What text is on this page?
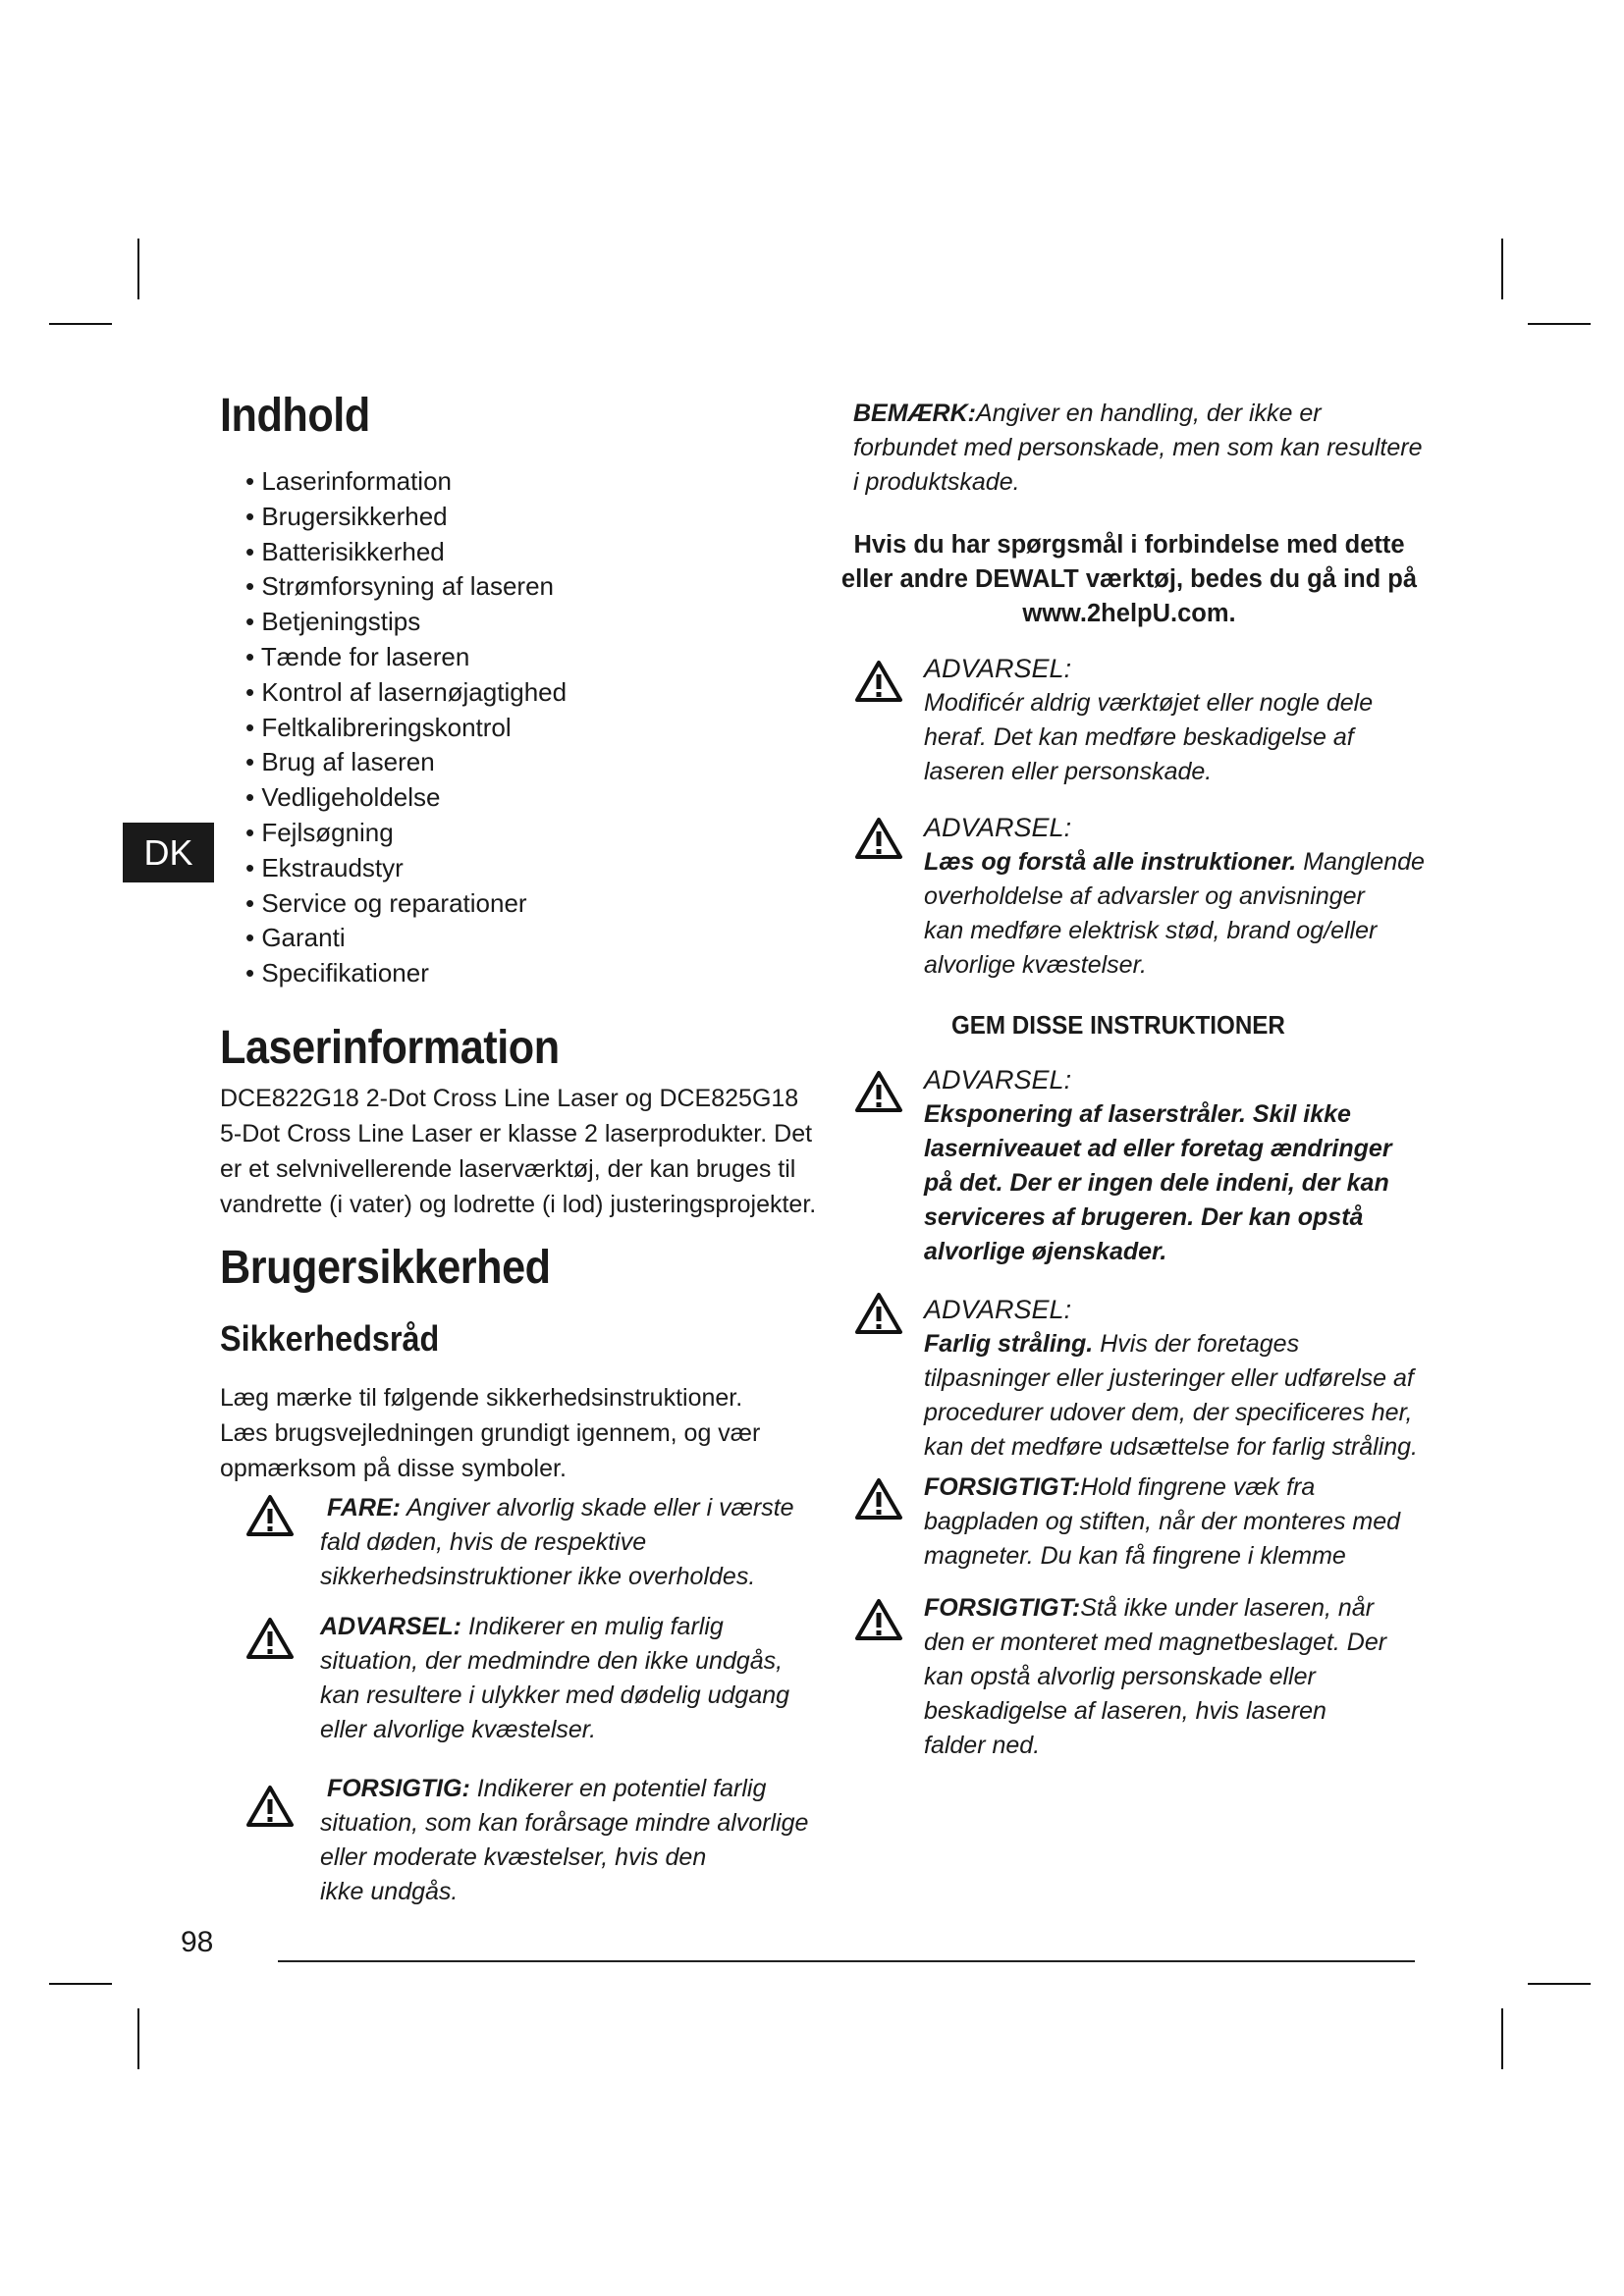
DK
Indhold
• Laserinformation
• Brugersikkerhed
• Batterisikkerhed
• Strømforsyning af laseren
• Betjeningstips
• Tænde for laseren
• Kontrol af lasernøjagtighed
• Feltkalibreringskontrol
• Brug af laseren
• Vedligeholdelse
• Fejlsøgning
• Ekstraudstyr
• Service og reparationer
• Garanti
• Specifikationer
Laserinformation
DCE822G18 2-Dot Cross Line Laser og DCE825G18
5-Dot Cross Line Laser er klasse 2 laserprodukter. Det
er et selvnivellerende laserværktøj, der kan bruges til
vandrette (i vater) og lodrette (i lod) justeringsprojekter.
Brugersikkerhed
Sikkerhedsråd
Læg mærke til følgende sikkerhedsinstruktioner.
Læs brugsvejledningen grundigt igennem, og vær
opmærksom på disse symboler.
FARE: Angiver alvorlig skade eller i værste
fald døden, hvis de respektive
sikkerhedsinstruktioner ikke overholdes.
ADVARSEL: Indikerer en mulig farlig
situation, der medmindre den ikke undgås,
kan resultere i ulykker med dødelig udgang
eller alvorlige kvæstelser.
FORSIGTIG: Indikerer en potentiel farlig
situation, som kan forårsage mindre alvorlige
eller moderate kvæstelser, hvis den
ikke undgås.
BEMÆRK:Angiver en handling, der ikke er
forbundet med personskade, men som kan resultere
i produktskade.
Hvis du har spørgsmål i forbindelse med dette
eller andre DEWALT værktøj, bedes du gå ind på
www.2helpU.com.
ADVARSEL:
Modificér aldrig værktøjet eller nogle dele
heraf. Det kan medføre beskadigelse af
laseren eller personskade.
ADVARSEL:
Læs og forstå alle instruktioner. Manglende
overholdelse af advarsler og anvisninger
kan medføre elektrisk stød, brand og/eller
alvorlige kvæstelser.
GEM DISSE INSTRUKTIONER
ADVARSEL:
Eksponering af laserstråler. Skil ikke
laserniveauet ad eller foretag ændringer
på det. Der er ingen dele indeni, der kan
serviceres af brugeren. Der kan opstå
alvorlige øjenskader.
ADVARSEL:
Farlig stråling. Hvis der foretages
tilpasninger eller justeringer eller udførelse af
procedurer udover dem, der specificeres her,
kan det medføre udsættelse for farlig stråling.
FORSIGTIGT:Hold fingrene væk fra
bagpladen og stiften, når der monteres med
magneter. Du kan få fingrene i klemme
FORSIGTIGT:Stå ikke under laseren, når
den er monteret med magnetbeslaget. Der
kan opstå alvorlig personskade eller
beskadigelse af laseren, hvis laseren
falder ned.
98
